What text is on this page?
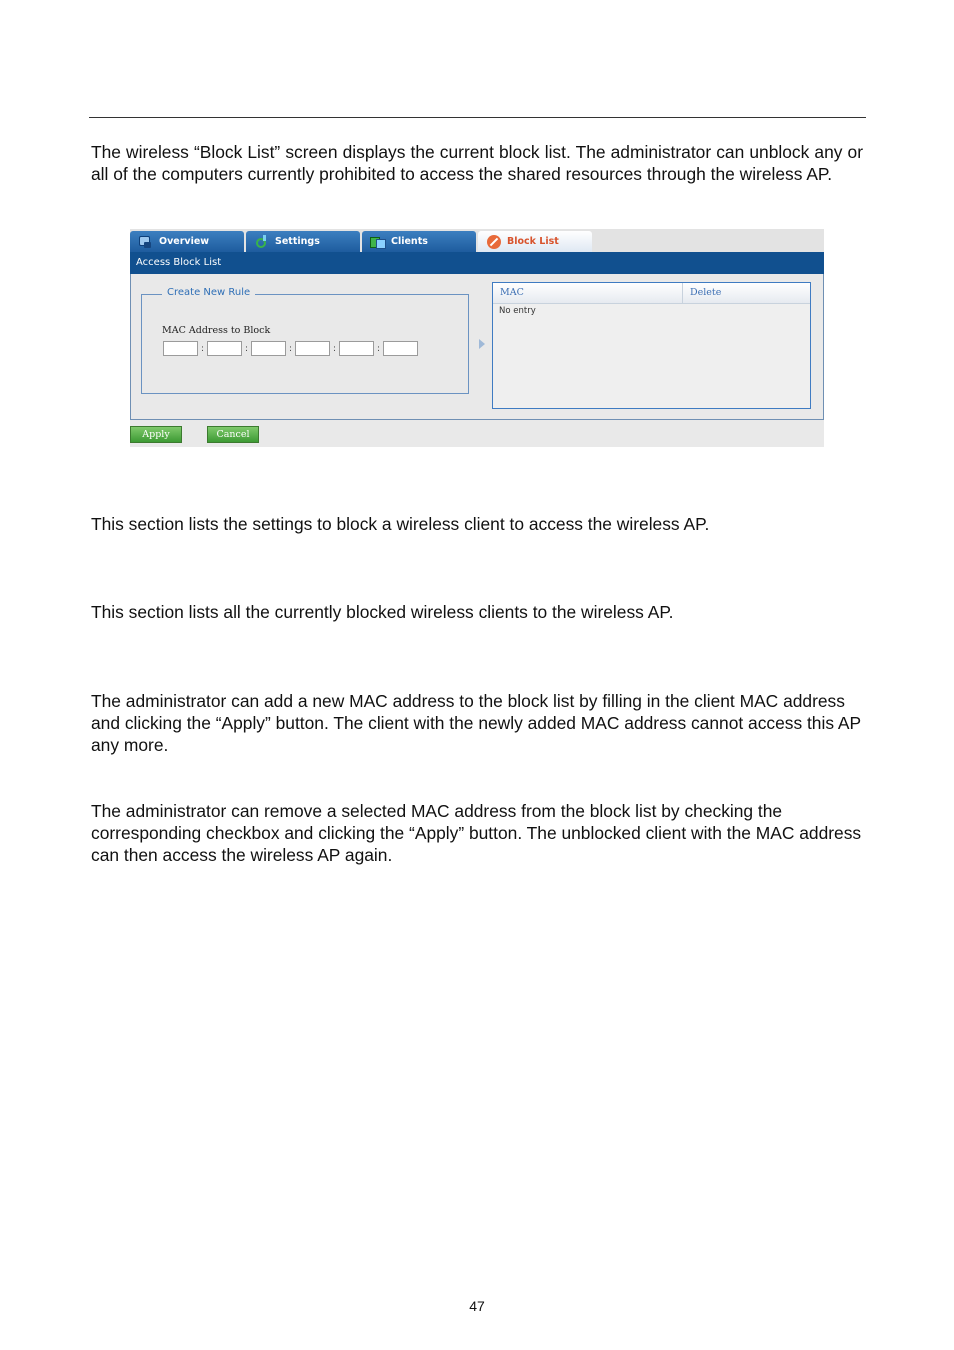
The wireless “Block List” screen displays the current block list. The administrator can unblock any or all of the computers currently prohibited to access the shared resources through the wireless AP.

Overview	Settings	Clients	Block List
Access Block List
Create New Rule
MAC Address to Block
:	:	:	:	:
MAC	Delete
No entry
Apply	Cancel

This section lists the settings to block a wireless client to access the wireless AP.

This section lists all the currently blocked wireless clients to the wireless AP.

The administrator can add a new MAC address to the block list by filling in the client MAC address and clicking the “Apply” button. The client with the newly added MAC address cannot access this AP any more.

The administrator can remove a selected MAC address from the block list by checking the corresponding checkbox and clicking the “Apply” button. The unblocked client with the MAC address can then access the wireless AP again.

47
